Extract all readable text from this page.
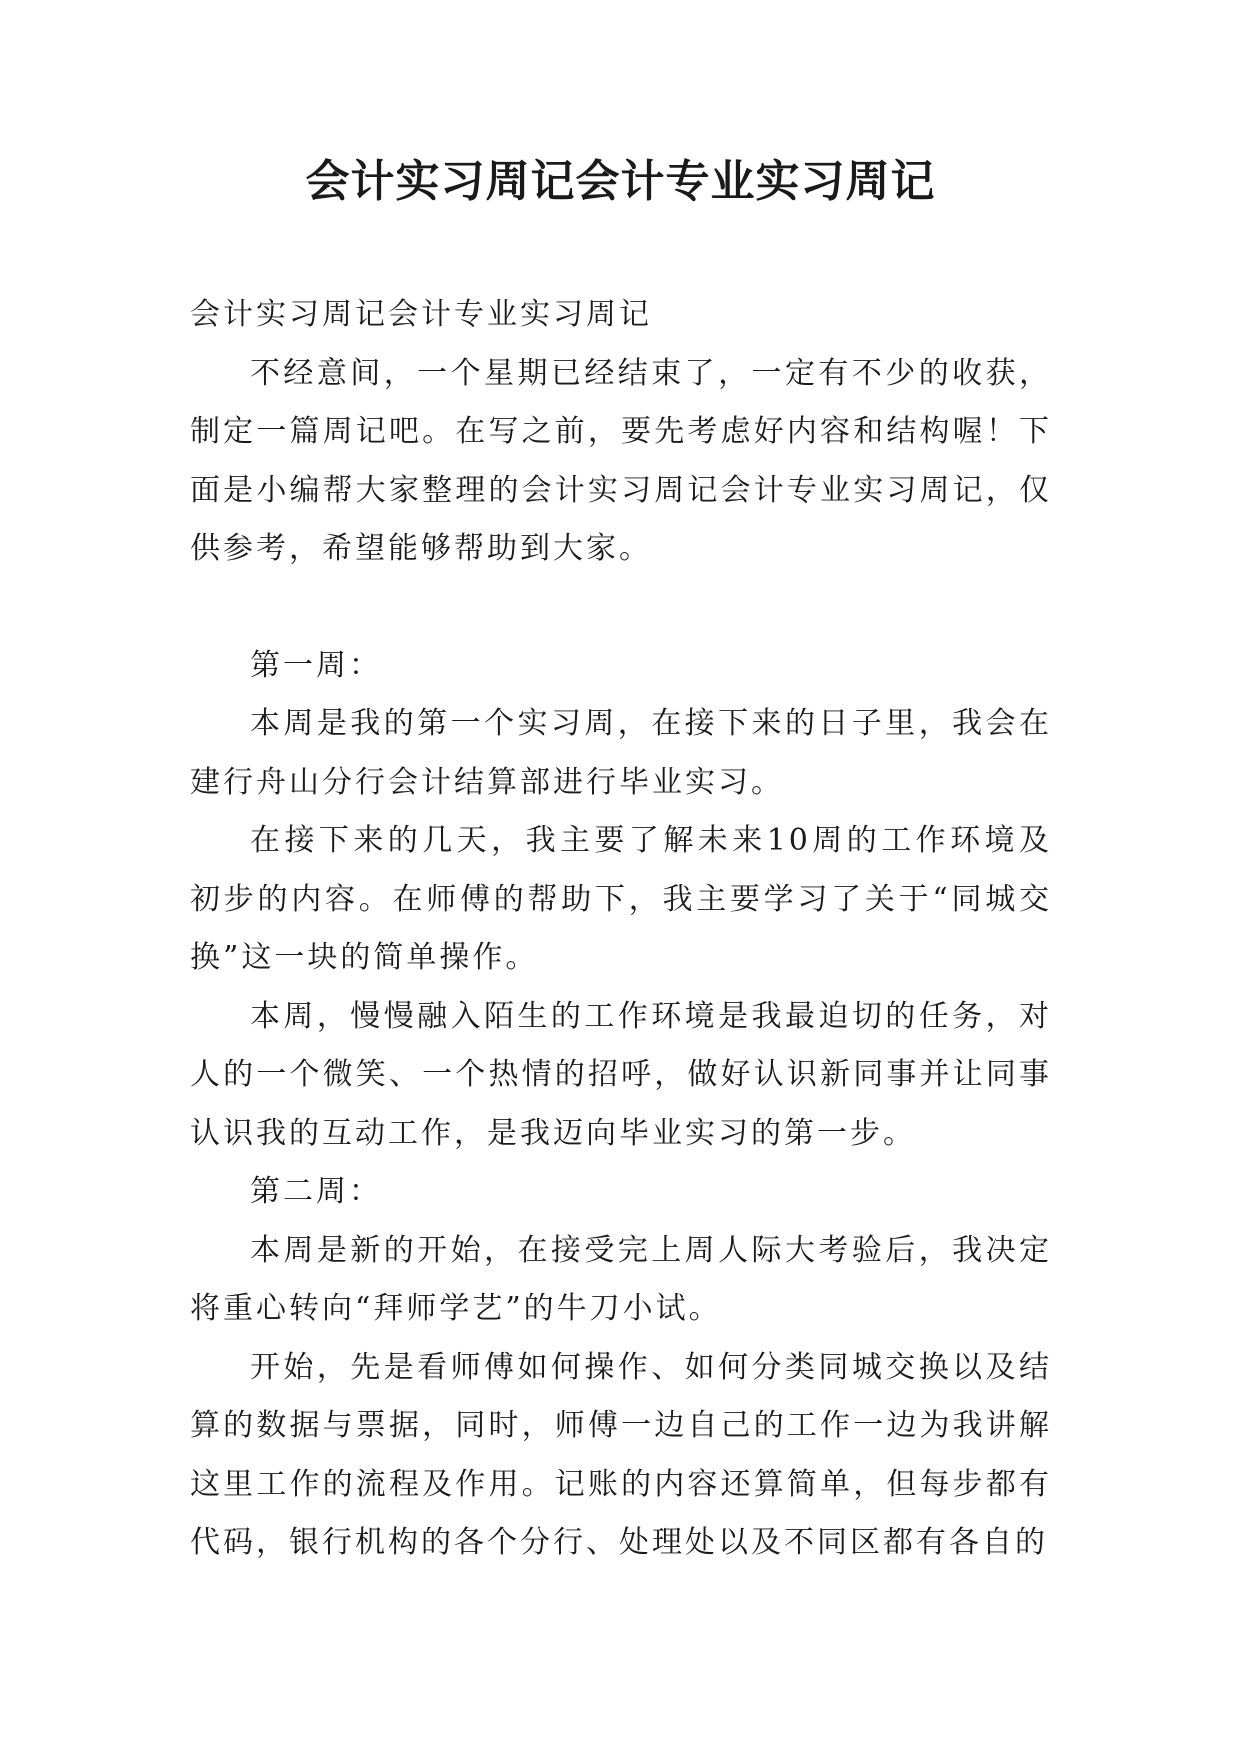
会计实习周记会计专业实习周记

会计实习周记会计专业实习周记

不经意间，一个星期已经结束了，一定有不少的收获，制定一篇周记吧。在写之前，要先考虑好内容和结构喔！下面是小编帮大家整理的会计实习周记会计专业实习周记，仅供参考，希望能够帮助到大家。

第一周：

本周是我的第一个实习周，在接下来的日子里，我会在建行舟山分行会计结算部进行毕业实习。

在接下来的几天，我主要了解未来10周的工作环境及初步的内容。在师傅的帮助下，我主要学习了关于“同城交换”这一块的简单操作。

本周，慢慢融入陌生的工作环境是我最迫切的任务，对人的一个微笑、一个热情的招呼，做好认识新同事并让同事认识我的互动工作，是我迈向毕业实习的第一步。

第二周：

本周是新的开始，在接受完上周人际大考验后，我决定将重心转向“拜师学艺”的牛刀小试。

开始，先是看师傅如何操作、如何分类同城交换以及结算的数据与票据，同时，师傅一边自己的工作一边为我讲解这里工作的流程及作用。记账的内容还算简单，但每步都有代码，银行机构的各个分行、处理处以及不同区都有各自的
